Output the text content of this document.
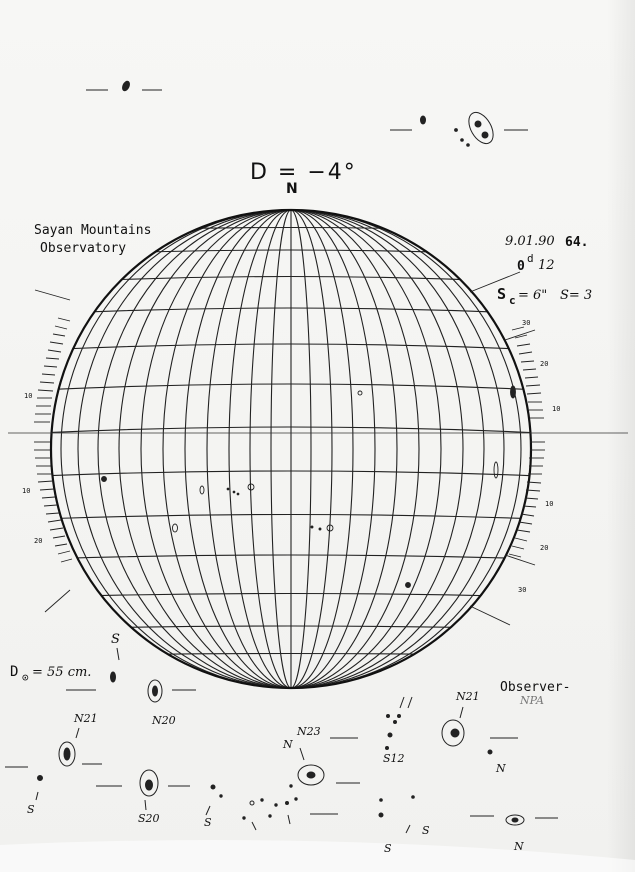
D = −4°
N
Sayan Mountains
Observatory	9.01.90 64.
0
d 12
S c = 6" S= 3
D ⊙ = 55 cm.
Observer-
NPA
S
N21	N20
N23
N
S12
N21
N
S20
S
S
S
S	N
30
20
10
10
20
30
10
10
20
